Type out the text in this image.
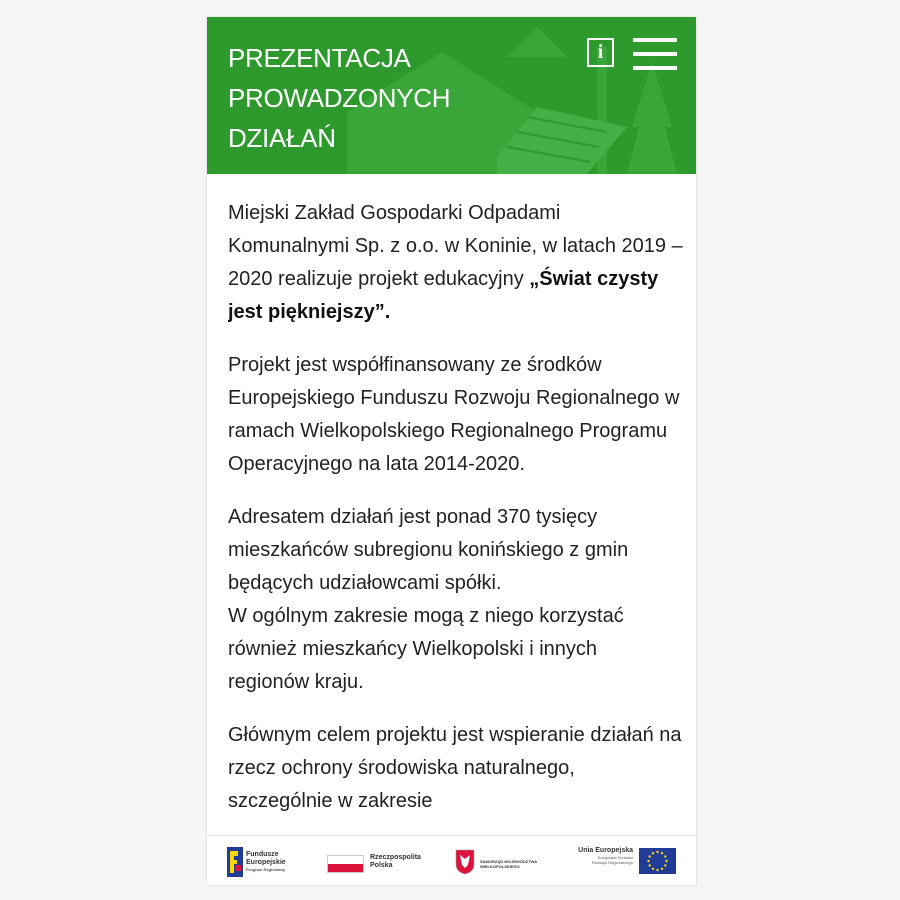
PREZENTACJA
PROWADZONYCH
DZIAŁAŃ
i

Miejski Zakład Gospodarki Odpadami Komunalnymi Sp. z o.o. w Koninie, w latach 2019 – 2020 realizuje projekt edukacyjny „Świat czysty jest piękniejszy”.

Projekt jest współfinansowany ze środków Europejskiego Funduszu Rozwoju Regionalnego w ramach Wielkopolskiego Regionalnego Programu Operacyjnego na lata 2014-2020.

Adresatem działań jest ponad 370 tysięcy mieszkańców subregionu konińskiego z gmin będących udziałowcami spółki.
W ogólnym zakresie mogą z niego korzystać również mieszkańcy Wielkopolski i innych regionów kraju.

Głównym celem projektu jest wspieranie działań na rzecz ochrony środowiska naturalnego, szczególnie w zakresie

Fundusze
Europejskie
Program Regionalny
Rzeczpospolita
Polska
SAMORZĄD WOJEWÓDZTWA
WIELKOPOLSKIEGO
Unia Europejska
Europejski Fundusz
Rozwoju Regionalnego
